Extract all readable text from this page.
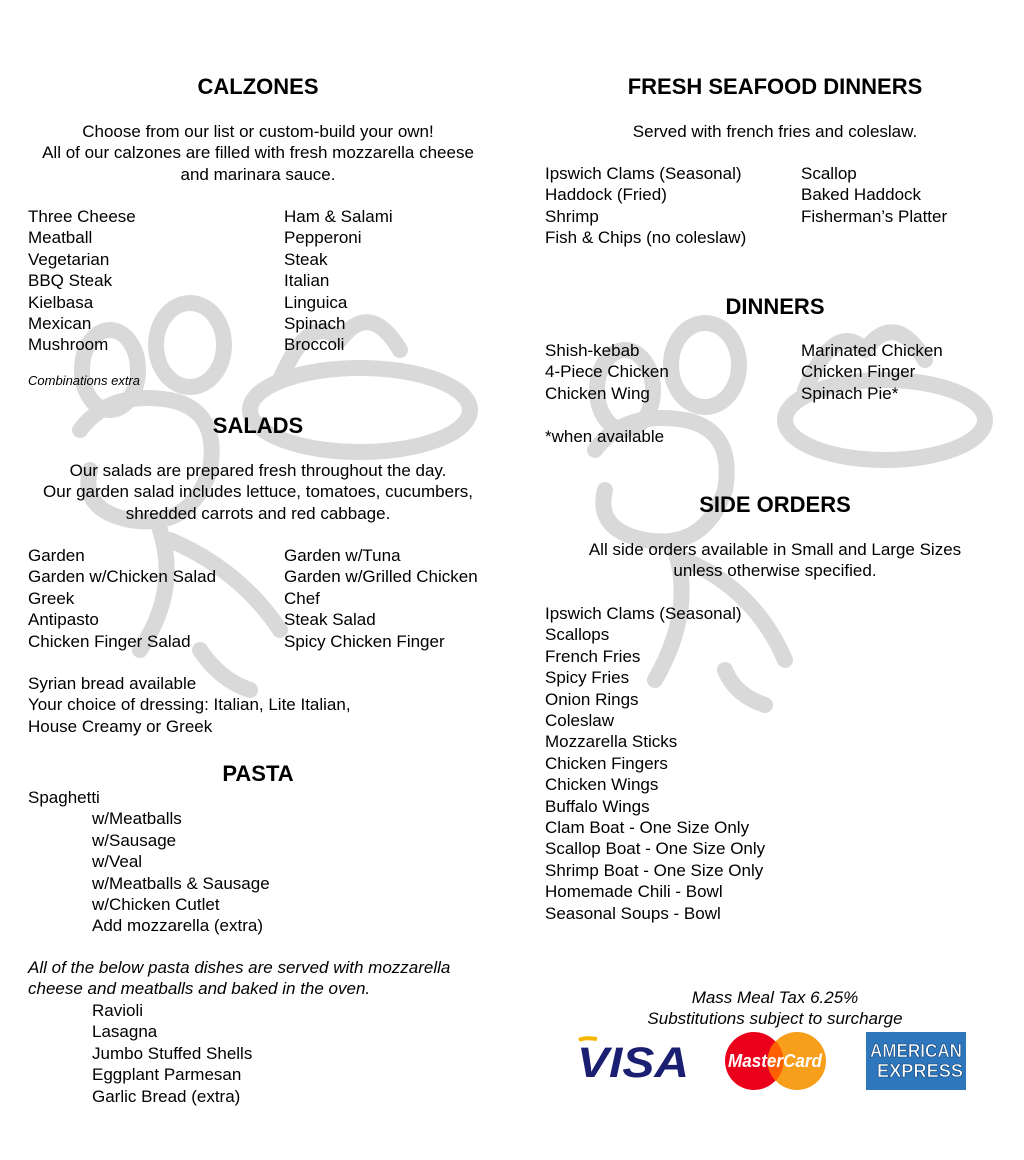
CALZONES
Choose from our list or custom-build your own!
All of our calzones are filled with fresh mozzarella cheese
and marinara sauce.
Three Cheese
Meatball
Vegetarian
BBQ Steak
Kielbasa
Mexican
Mushroom
Ham & Salami
Pepperoni
Steak
Italian
Linguica
Spinach
Broccoli
Combinations extra
SALADS
Our salads are prepared fresh throughout the day.
Our garden salad includes lettuce, tomatoes, cucumbers,
shredded carrots and red cabbage.
Garden
Garden w/Chicken Salad
Greek
Antipasto
Chicken Finger Salad
Garden w/Tuna
Garden w/Grilled Chicken
Chef
Steak Salad
Spicy Chicken Finger
Syrian bread available
Your choice of dressing: Italian, Lite Italian,
House Creamy or Greek
PASTA
Spaghetti
w/Meatballs
w/Sausage
w/Veal
w/Meatballs & Sausage
w/Chicken Cutlet
Add mozzarella (extra)
All of the below pasta dishes are served with mozzarella
cheese and meatballs and baked in the oven.
Ravioli
Lasagna
Jumbo Stuffed Shells
Eggplant Parmesan
Garlic Bread (extra)
FRESH SEAFOOD DINNERS
Served with french fries and coleslaw.
Ipswich Clams (Seasonal)
Haddock (Fried)
Shrimp
Fish & Chips (no coleslaw)
Scallop
Baked Haddock
Fisherman’s Platter
DINNERS
Shish-kebab
4-Piece Chicken
Chicken Wing
Marinated Chicken
Chicken Finger
Spinach Pie*
*when available
SIDE ORDERS
All side orders available in Small and Large Sizes
unless otherwise specified.
Ipswich Clams (Seasonal)
Scallops
French Fries
Spicy Fries
Onion Rings
Coleslaw
Mozzarella Sticks
Chicken Fingers
Chicken Wings
Buffalo Wings
Clam Boat - One Size Only
Scallop Boat - One Size Only
Shrimp Boat - One Size Only
Homemade Chili - Bowl
Seasonal Soups - Bowl
Mass Meal Tax 6.25%
Substitutions subject to surcharge
VISA MasterCard	AMERICAN
EXPRESS
